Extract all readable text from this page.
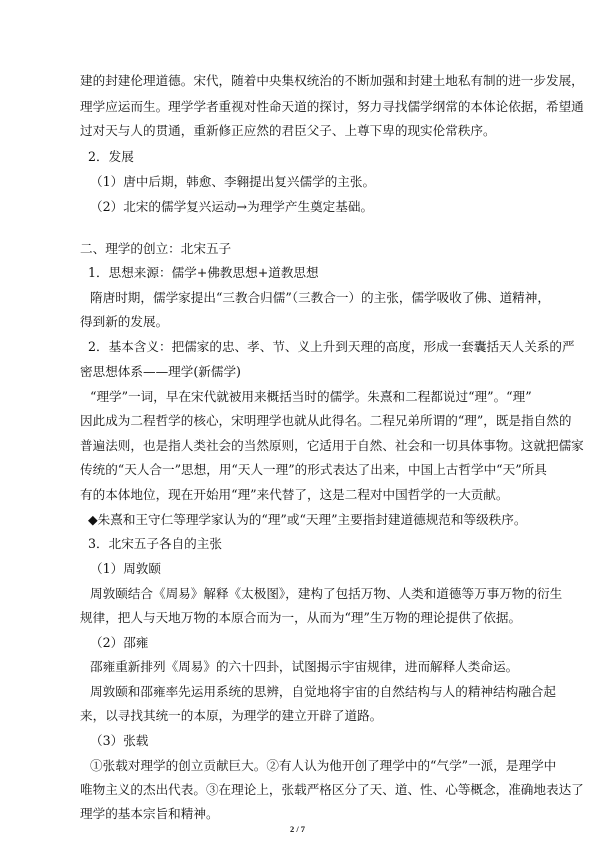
建的封建伦理道德。宋代，随着中央集权统治的不断加强和封建土地私有制的进一步发展，
理学应运而生。理学学者重视对性命天道的探讨，努力寻找儒学纲常的本体论依据，希望通
过对天与人的贯通，重新修正应然的君臣父子、上尊下卑的现实伦常秩序。
2．发展
（1）唐中后期，韩愈、李翱提出复兴儒学的主张。
（2）北宋的儒学复兴运动→为理学产生奠定基础。
二、理学的创立：北宋五子
1．思想来源：儒学+佛教思想+道教思想
隋唐时期，儒学家提出“三教合归儒”（三教合一）的主张，儒学吸收了佛、道精神，
得到新的发展。
2．基本含义：把儒家的忠、孝、节、义上升到天理的高度，形成一套囊括天人关系的严
密思想体系——理学(新儒学)
“理学”一词，早在宋代就被用来概括当时的儒学。朱熹和二程都说过“理”。“理”
因此成为二程哲学的核心，宋明理学也就从此得名。二程兄弟所谓的“理”，既是指自然的
普遍法则，也是指人类社会的当然原则，它适用于自然、社会和一切具体事物。这就把儒家
传统的“天人合一”思想，用“天人一理”的形式表达了出来，中国上古哲学中“天”所具
有的本体地位，现在开始用“理”来代替了，这是二程对中国哲学的一大贡献。
◆朱熹和王守仁等理学家认为的“理”或“天理”主要指封建道德规范和等级秩序。
3．北宋五子各自的主张
（1）周敦颐
周敦颐结合《周易》解释《太极图》，建构了包括万物、人类和道德等万事万物的衍生
规律，把人与天地万物的本原合而为一，从而为“理”生万物的理论提供了依据。
（2）邵雍
邵雍重新排列《周易》的六十四卦，试图揭示宇宙规律，进而解释人类命运。
周敦颐和邵雍率先运用系统的思辨，自觉地将宇宙的自然结构与人的精神结构融合起
来，以寻找其统一的本原，为理学的建立开辟了道路。
（3）张载
①张载对理学的创立贡献巨大。②有人认为他开创了理学中的“气学”一派，是理学中
唯物主义的杰出代表。③在理论上，张载严格区分了天、道、性、心等概念，准确地表达了
理学的基本宗旨和精神。
2 / 7
